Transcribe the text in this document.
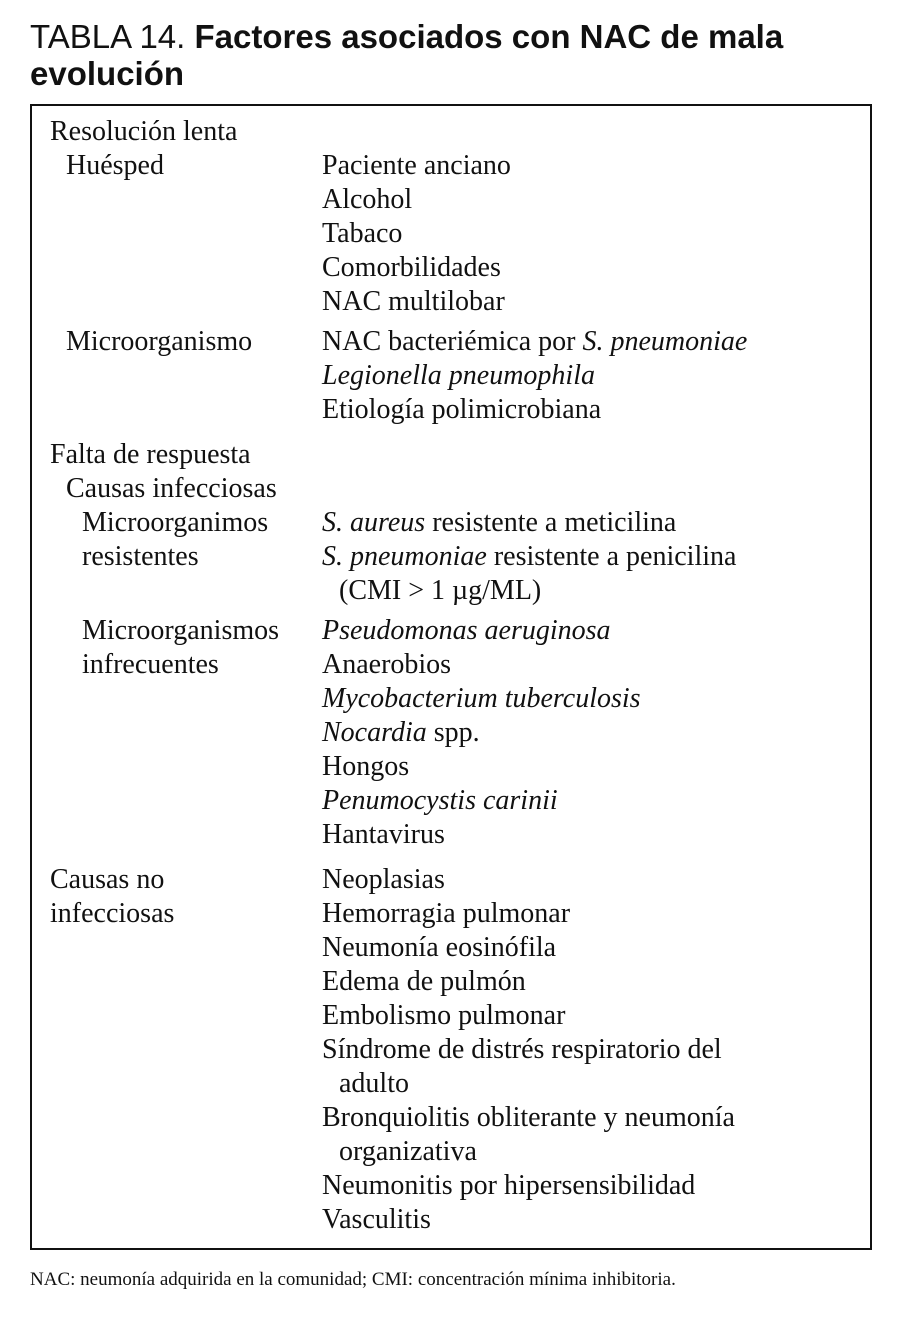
TABLA 14. Factores asociados con NAC de mala evolución
Resolución lenta
Huésped	Paciente anciano
Alcohol
Tabaco
Comorbilidades
NAC multilobar
Microorganismo NAC bacteriémica por S. pneumoniae
Legionella pneumophila
Etiología polimicrobiana
Falta de respuesta
Causas infecciosas
Microorganimos
resistentes
S. aureus resistente a meticilina
S. pneumoniae resistente a penicilina
(CMI > 1 µg/ML)
Microorganismos
infrecuentes
Pseudomonas aeruginosa
Anaerobios
Mycobacterium tuberculosis
Nocardia spp.
Hongos
Penumocystis carinii
Hantavirus
Causas no
infecciosas
Neoplasias
Hemorragia pulmonar
Neumonía eosinófila
Edema de pulmón
Embolismo pulmonar
Síndrome de distrés respiratorio del
adulto
Bronquiolitis obliterante y neumonía
organizativa
Neumonitis por hipersensibilidad
Vasculitis
NAC: neumonía adquirida en la comunidad; CMI: concentración mínima inhibitoria.
